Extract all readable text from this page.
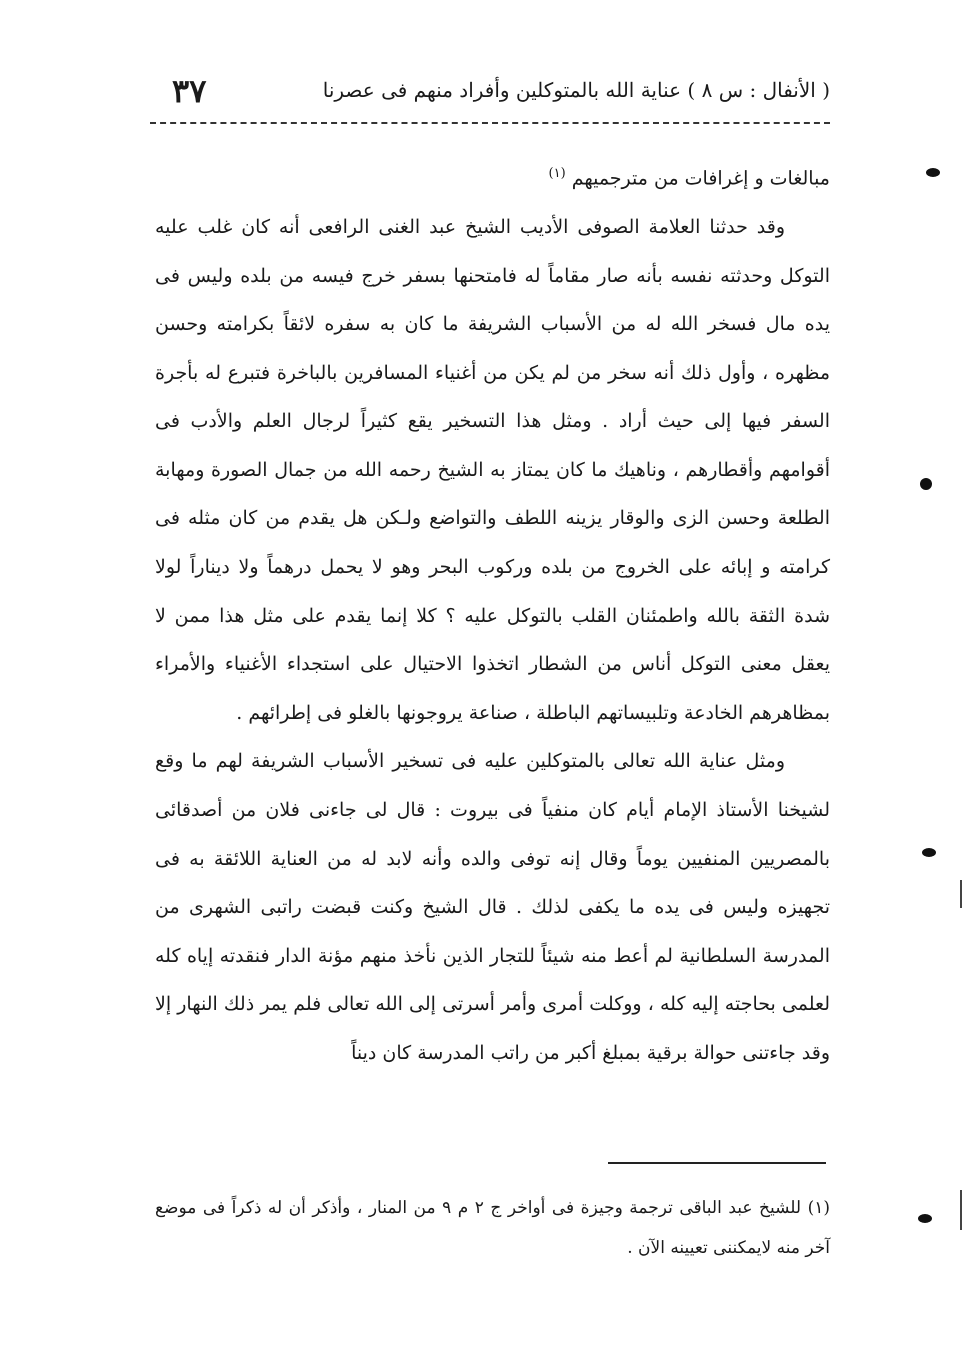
( الأنفال : س ٨ ) عناية الله بالمتوكلين وأفراد منهم فى عصرنا
٣٧

مبالغات و إغرافات من مترجميهم $^{(١)}$

وقد حدثنا العلامة الصوفى الأديب الشيخ عبد الغنى الرافعى أنه كان غلب عليه التوكل وحدثته نفسه بأنه صار مقاماً له فامتحنها بسفر خرج فيسه من بلده وليس فى يده مال فسخر الله له من الأسباب الشريفة ما كان به سفره لائقاً بكرامته وحسن مظهره ، وأول ذلك أنه سخر من لم يكن من أغنياء المسافرين بالباخرة فتبرع له بأجرة السفر فيها إلى حيث أراد . ومثل هذا التسخير يقع كثيراً لرجال العلم والأدب فى أقوامهم وأقطارهم ، وناهيك ما كان يمتاز به الشيخ رحمه الله من جمال الصورة ومهابة الطلعة وحسن الزى والوقار يزينه اللطف والتواضع ولـكن هل يقدم من كان مثله فى كرامته و إبائه على الخروج من بلده وركوب البحر وهو لا يحمل درهماً ولا ديناراً لولا شدة الثقة بالله واطمئنان القلب بالتوكل عليه ؟ كلا إنما يقدم على مثل هذا ممن لا يعقل معنى التوكل أناس من الشطار اتخذوا الاحتيال على استجداء الأغنياء والأمراء بمظاهرهم الخادعة وتلبيساتهم الباطلة ، صناعة يروجونها بالغلو فى إطرائهم .

ومثل عناية الله تعالى بالمتوكلين عليه فى تسخير الأسباب الشريفة لهم ما وقع لشيخنا الأستاذ الإمام أيام كان منفياً فى بيروت : قال لى جاءنى فلان من أصدقائى بالمصريين المنفيين يوماً وقال إنه توفى والده وأنه لابد له من العناية اللائقة به فى تجهيزه وليس فى يده ما يكفى لذلك . قال الشيخ وكنت قبضت راتبى الشهرى من المدرسة السلطانية لم أعط منه شيئاً للتجار الذين نأخذ منهم مؤنة الدار فنقدته إياه كله لعلمى بحاجته إليه كله ، ووكلت أمرى وأمر أسرتى إلى الله تعالى فلم يمر ذلك النهار إلا وقد جاءتنى حوالة برقية بمبلغ أكبر من راتب المدرسة كان ديناً

(١) للشيخ عبد الباقى ترجمة وجيزة فى أواخر ج ٢ م ٩ من المنار ، وأذكر أن له ذكراً فى موضع آخر منه لايمكننى تعيينه الآن .
